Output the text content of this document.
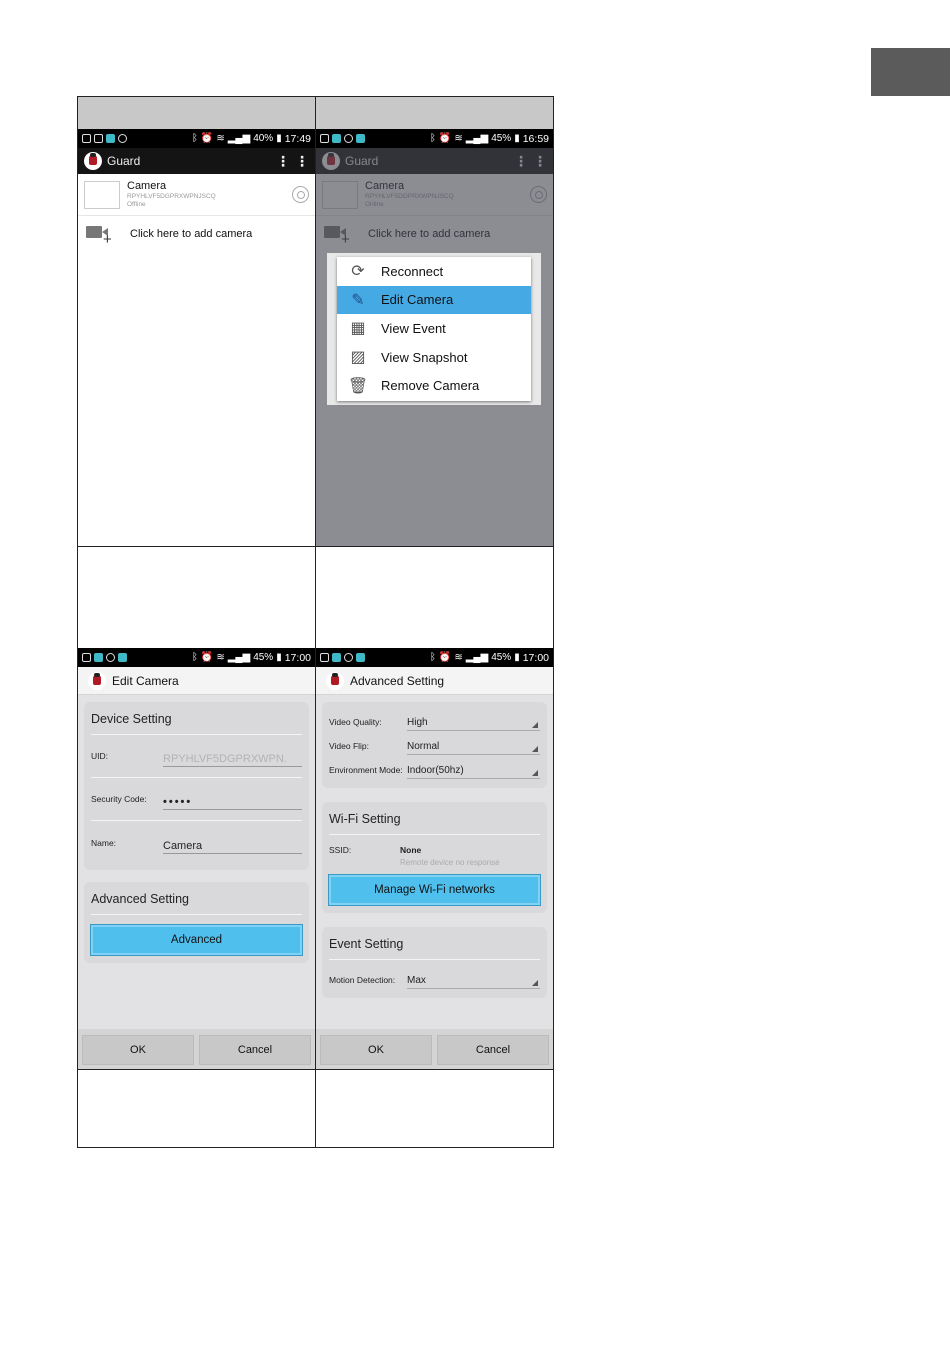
ᛒ ⏰ ≋ ▂▄▆ 40% ▮ 17:49
Guard	⋮ ⋮
Camera
RPYHLVF5DGPRXWPNJSCQ
Offline
+ Click here to add camera
ᛒ ⏰ ≋ ▂▄▆ 45% ▮ 16:59
⟳	Reconnect
✎	Edit Camera
▦ View Event
▨ View Snapshot
🗑 Remove Camera
ᛒ ⏰ ≋ ▂▄▆ 45% ▮ 17:00
Edit Camera
Device Setting
UID:	RPYHLVF5DGPRXWPN.
Security Code:	•••••
Name:	Camera
Advanced Setting
Advanced
OK	Cancel
ᛒ ⏰ ≋ ▂▄▆ 45% ▮ 17:00
Advanced Setting
Video Quality:	High
Video Flip:	Normal
Environment Mode: Indoor(50hz)
Wi-Fi Setting
SSID:	None
Remote device no response
Manage Wi-Fi networks
Event Setting
Motion Detection:	Max
OK	Cancel
